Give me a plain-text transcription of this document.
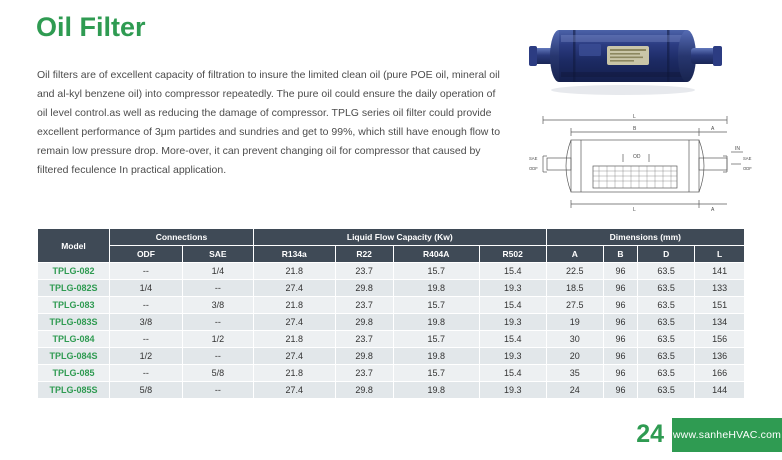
Oil Filter
Oil filters are of excellent capacity of filtration to insure the limited clean oil (pure POE oil, mineral oil and al-kyl benzene oil) into compressor repeatedly. The pure oil could ensure the daily operation of oil level control.as well as reducing the damage of compressor. TPLG series oil filter could provide excellent performance of 3μm partides and sundries and get to 99%, which still have enough flow to remain low pressure drop. More-over, it can prevent changing oil for compressor that caused by filtered feculence In practical application.
L
B	A
IN
OD
SAE
ODF
SAE
ODF
L	A
Model	Connections		Liquid Flow Capacity (Kw)				Dimensions (mm)			
	ODF	SAE	R134a	R22	R404A	R502	A	B	D	L
TPLG-082	--	1/4	21.8	23.7	15.7	15.4	22.5	96	63.5	141
TPLG-082S	1/4	--	27.4	29.8	19.8	19.3	18.5	96	63.5	133
TPLG-083	--	3/8	21.8	23.7	15.7	15.4	27.5	96	63.5	151
TPLG-083S	3/8	--	27.4	29.8	19.8	19.3	19	96	63.5	134
TPLG-084	--	1/2	21.8	23.7	15.7	15.4	30	96	63.5	156
TPLG-084S	1/2	--	27.4	29.8	19.8	19.3	20	96	63.5	136
TPLG-085	--	5/8	21.8	23.7	15.7	15.4	35	96	63.5	166
TPLG-085S	5/8	--	27.4	29.8	19.8	19.3	24	96	63.5	144
24 www.sanheHVAC.com
